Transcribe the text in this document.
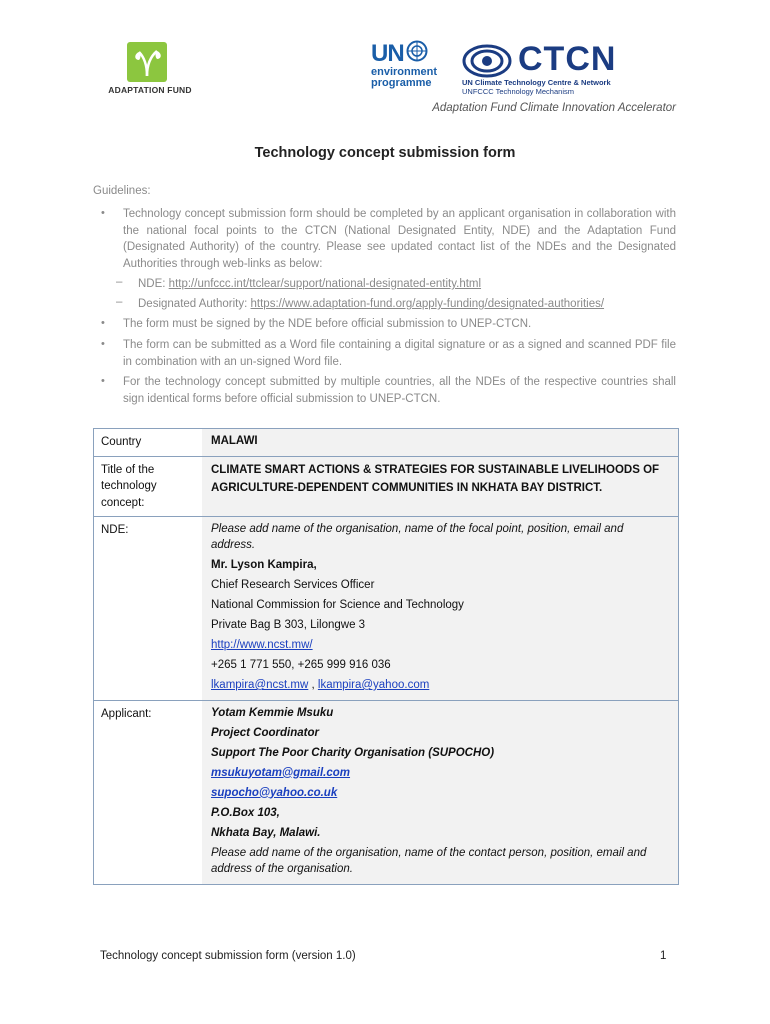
ADAPTATION FUND
UN
environment
programme
CTCN
UN Climate Technology Centre & Network
UNFCCC Technology Mechanism
Adaptation Fund Climate Innovation Accelerator
Technology concept submission form
Guidelines:
• Technology concept submission form should be completed by an applicant organisation in collaboration with the national focal points to the CTCN (National Designated Entity, NDE) and the Adaptation Fund (Designated Authority) of the country. Please see updated contact list of the NDEs and the Designated Authorities through web-links as below:
– NDE: http://unfccc.int/ttclear/support/national-designated-entity.html
– Designated Authority: https://www.adaptation-fund.org/apply-funding/designated-authorities/
• The form must be signed by the NDE before official submission to UNEP-CTCN.
• The form can be submitted as a Word file containing a digital signature or as a signed and scanned PDF file in combination with an un-signed Word file.
• For the technology concept submitted by multiple countries, all the NDEs of the respective countries shall sign identical forms before official submission to UNEP-CTCN.
Country	MALAWI
Title of the technology concept:
CLIMATE SMART ACTIONS & STRATEGIES FOR SUSTAINABLE LIVELIHOODS OF AGRICULTURE-DEPENDENT COMMUNITIES IN NKHATA BAY DISTRICT.
NDE:	Please add name of the organisation, name of the focal point, position, email and address.
Mr. Lyson Kampira,
Chief Research Services Officer
National Commission for Science and Technology
Private Bag B 303, Lilongwe 3
http://www.ncst.mw/
+265 1 771 550, +265 999 916 036
lkampira@ncst.mw , lkampira@yahoo.com
Applicant:	Yotam Kemmie Msuku
Project Coordinator
Support The Poor Charity Organisation (SUPOCHO)
msukuyotam@gmail.com
supocho@yahoo.co.uk
P.O.Box 103,
Nkhata Bay, Malawi.
Please add name of the organisation, name of the contact person, position, email and address of the organisation.
Technology concept submission form (version 1.0)	1
